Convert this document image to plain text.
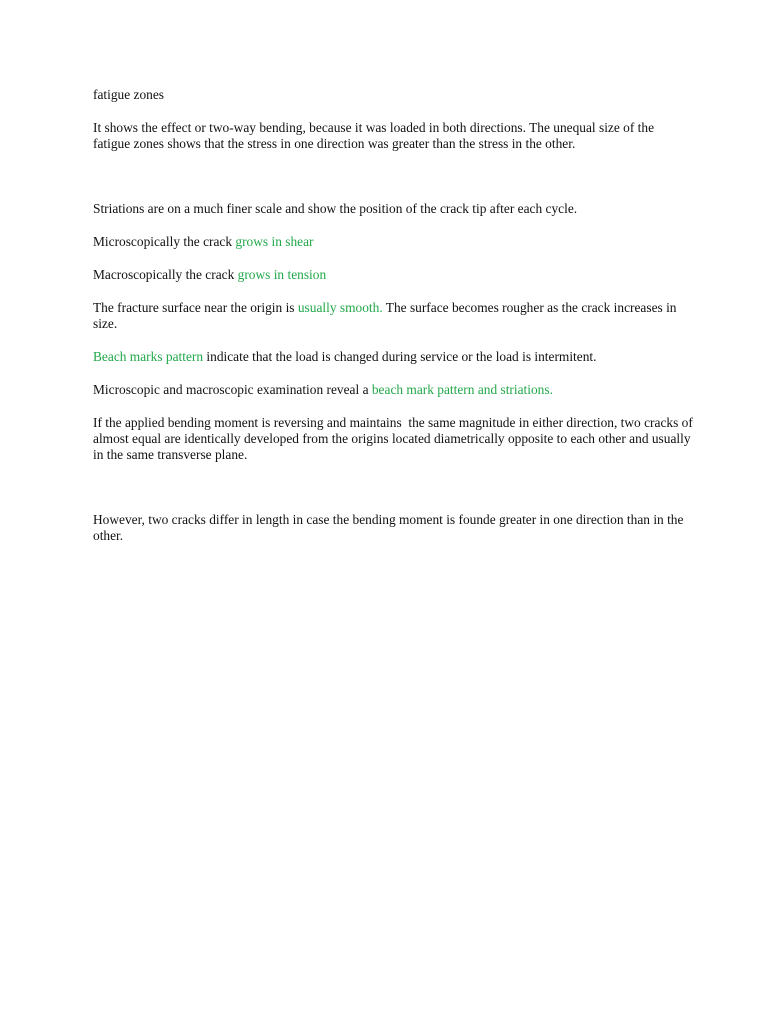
fatigue zones

It shows the effect or two-way bending, because it was loaded in both directions. The unequal size of the fatigue zones shows that the stress in one direction was greater than the stress in the other.

Striations are on a much finer scale and show the position of the crack tip after each cycle.

Microscopically the crack grows in shear

Macroscopically the crack grows in tension

The fracture surface near the origin is usually smooth. The surface becomes rougher as the crack increases in size.

Beach marks pattern indicate that the load is changed during service or the load is intermitent.

Microscopic and macroscopic examination reveal a beach mark pattern and striations.

If the applied bending moment is reversing and maintains  the same magnitude in either direction, two cracks of almost equal are identically developed from the origins located diametrically opposite to each other and usually in the same transverse plane.

However, two cracks differ in length in case the bending moment is founde greater in one direction than in the other.
